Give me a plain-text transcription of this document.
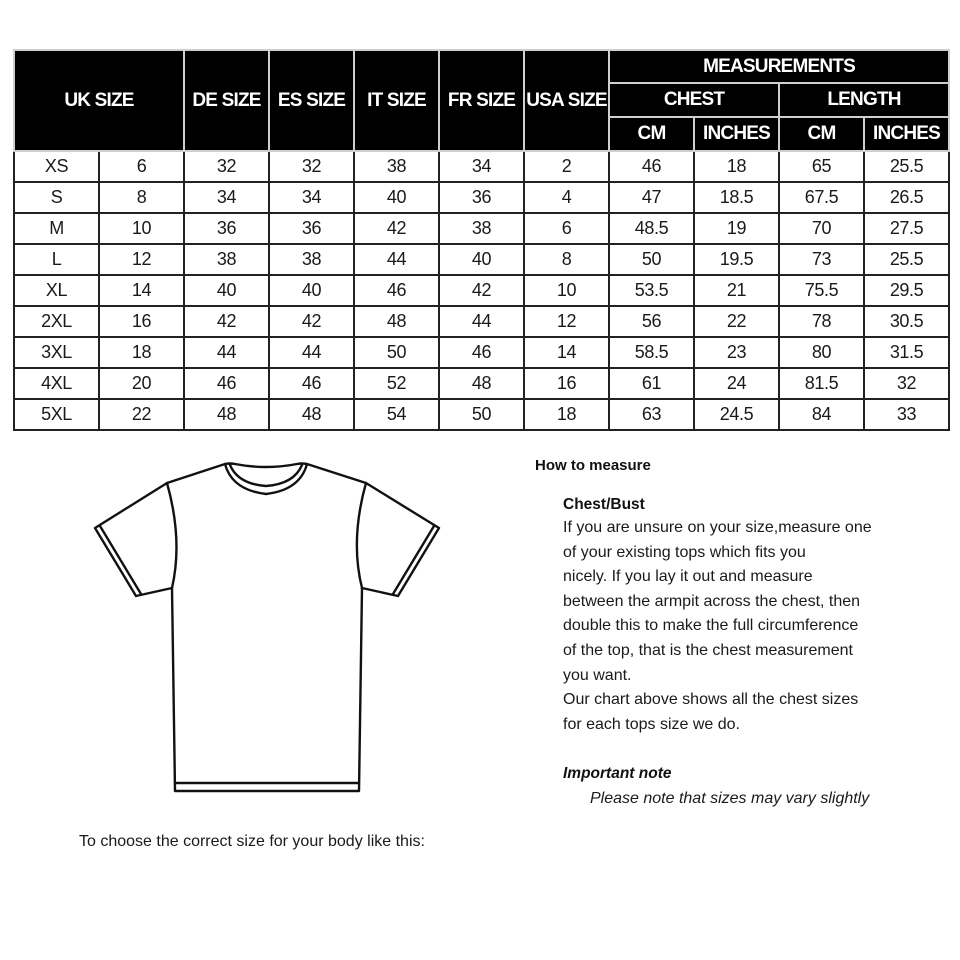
UK SIZE		DE SIZE	ES SIZE	IT SIZE	FR SIZE	USA SIZE	MEASUREMENTS			
							CHEST		LENGTH	
							CM	INCHES	CM	INCHES
XS	6	32	32	38	34	2	46	18	65	25.5
S	8	34	34	40	36	4	47	18.5	67.5	26.5
M	10	36	36	42	38	6	48.5	19	70	27.5
L	12	38	38	44	40	8	50	19.5	73	25.5
XL	14	40	40	46	42	10	53.5	21	75.5	29.5
2XL	16	42	42	48	44	12	56	22	78	30.5
3XL	18	44	44	50	46	14	58.5	23	80	31.5
4XL	20	46	46	52	48	16	61	24	81.5	32
5XL	22	48	48	54	50	18	63	24.5	84	33
How to measure
Chest/Bust
If you are unsure on your size,measure one
of your existing tops which fits you
nicely. If you lay it out and measure
between the armpit across the chest, then
double this to make the full circumference
of the top, that is the chest measurement
you want.
Our chart above shows all the chest sizes
for each tops size we do.
Important note
Please note that sizes may vary slightly
To choose the correct size for your body like this:
